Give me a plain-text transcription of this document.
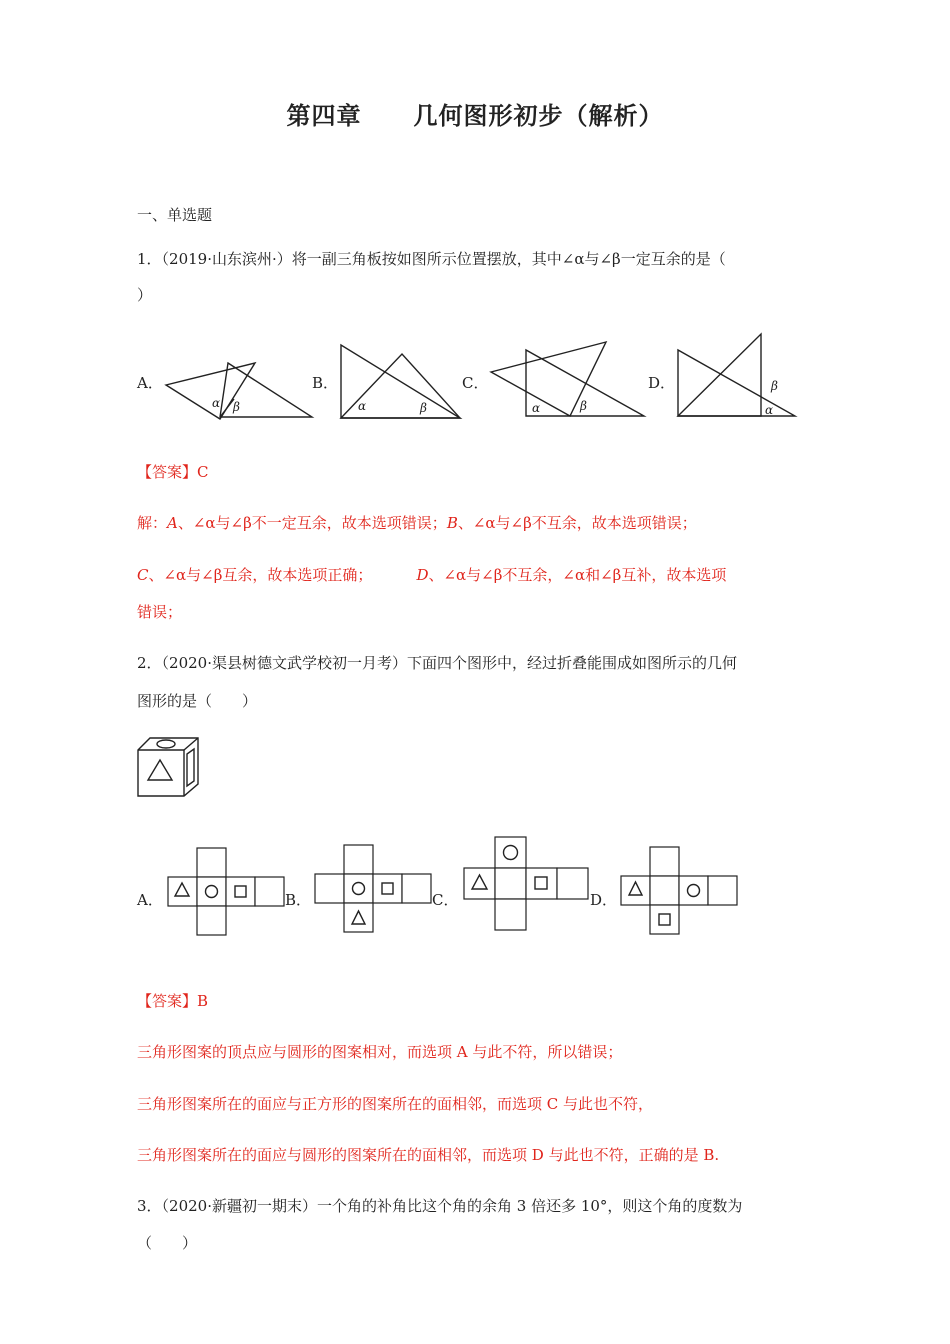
第四章 几何图形初步（解析）
一、单选题
1．（2019·山东滨州·）将一副三角板按如图所示位置摆放，其中∠α与∠β一定互余的是（
）
A．
α β
B．
α	β
C．
α	β
D．	β
α
【答案】C
解：A、∠α与∠β不一定互余，故本选项错误；B、∠α与∠β不互余，故本选项错误；
C、∠α与∠β互余，故本选项正确；	D、∠α与∠β不互余，∠α和∠β互补，故本选项
错误；
2．（2020·渠县树德文武学校初一月考）下面四个图形中，经过折叠能围成如图所示的几何
图形的是（　　）
A．	B．	C．	D．
【答案】B
三角形图案的顶点应与圆形的图案相对，而选项 A 与此不符，所以错误；
三角形图案所在的面应与正方形的图案所在的面相邻，而选项 C 与此也不符，
三角形图案所在的面应与圆形的图案所在的面相邻，而选项 D 与此也不符，正确的是 B.
3．（2020·新疆初一期末）一个角的补角比这个角的余角 3 倍还多 10°，则这个角的度数为
（　　）
